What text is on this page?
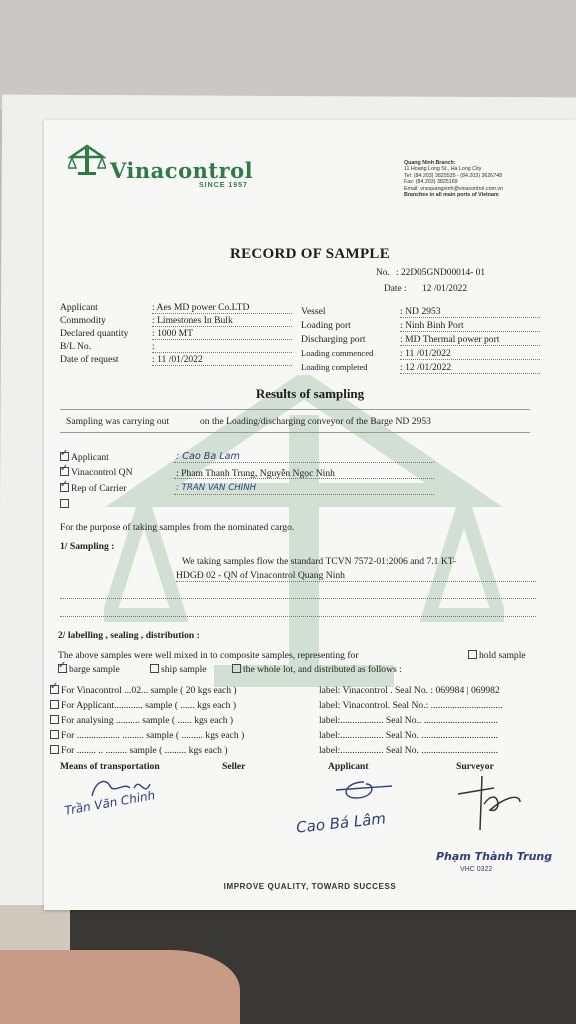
Vinacontrol
SINCE 1957
Quang Ninh Branch:
11 Hoang Long St., Ha Long City
Tel: (84.203) 3825535 - (84.203) 3626748
Fax: (84.203) 3825169
Email: vnoquangninh@vinacontrol.com.vn
Branches in all main ports of Vietnam
RECORD OF SAMPLE
No. : 22D05GND00014- 01
Date : 12 /01/2022
Applicant	: Aes MD power Co.LTD
Commodity	: Limestones In Bulk
Declared quantity : 1000 MT
B/L No.	:
Date of request	: 11 /01/2022
Vessel	: ND 2953
Loading port	: Ninh Binh Port
Discharging port	: MD Thermal power port
Loading commenced	: 11 /01/2022
Loading completed	: 12 /01/2022
Results of sampling
Sampling was carrying out	on the Loading/discharging conveyor of the Barge ND 2953
✓Applicant	: Cao Ba Lam
✓Vinacontrol QN	: Pham Thanh Trung, Nguyễn Ngọc Ninh
✓Rep of Carrier	: TRAN VAN CHINH
For the purpose of taking samples from the nominated cargo.
1/ Sampling :
We taking samples flow the standard TCVN 7572-01:2006 and 7.1 KT-
HDGĐ 02 - QN of Vinacontrol Quang Ninh
2/ labelling , sealing , distribution :
The above samples were well mixed in to composite samples, representing for	hold sample
✓barge sample	ship sample	the whole lot, and distributed as follows :
✓For Vinacontrol ...02... sample ( 20 kgs each )	label: Vinacontrol . Seal No. : 069984 | 069982
For Applicant............ sample ( ...... kgs each )	label: Vinacontrol. Seal No.: ..............................
For analysing .......... sample ( ...... kgs each )	label:.................. Seal No.. ...............................
For .................. ......... sample ( ......... kgs each )	label:.................. Seal No. ................................
For ........ .. ......... sample ( ......... kgs each )	label:.................. Seal No. ................................
Means of transportation	Seller	Applicant	Surveyor
Trần Văn Chinh
Cao Bá Lâm
Phạm Thành Trung
VHC 0322
IMPROVE QUALITY, TOWARD SUCCESS
